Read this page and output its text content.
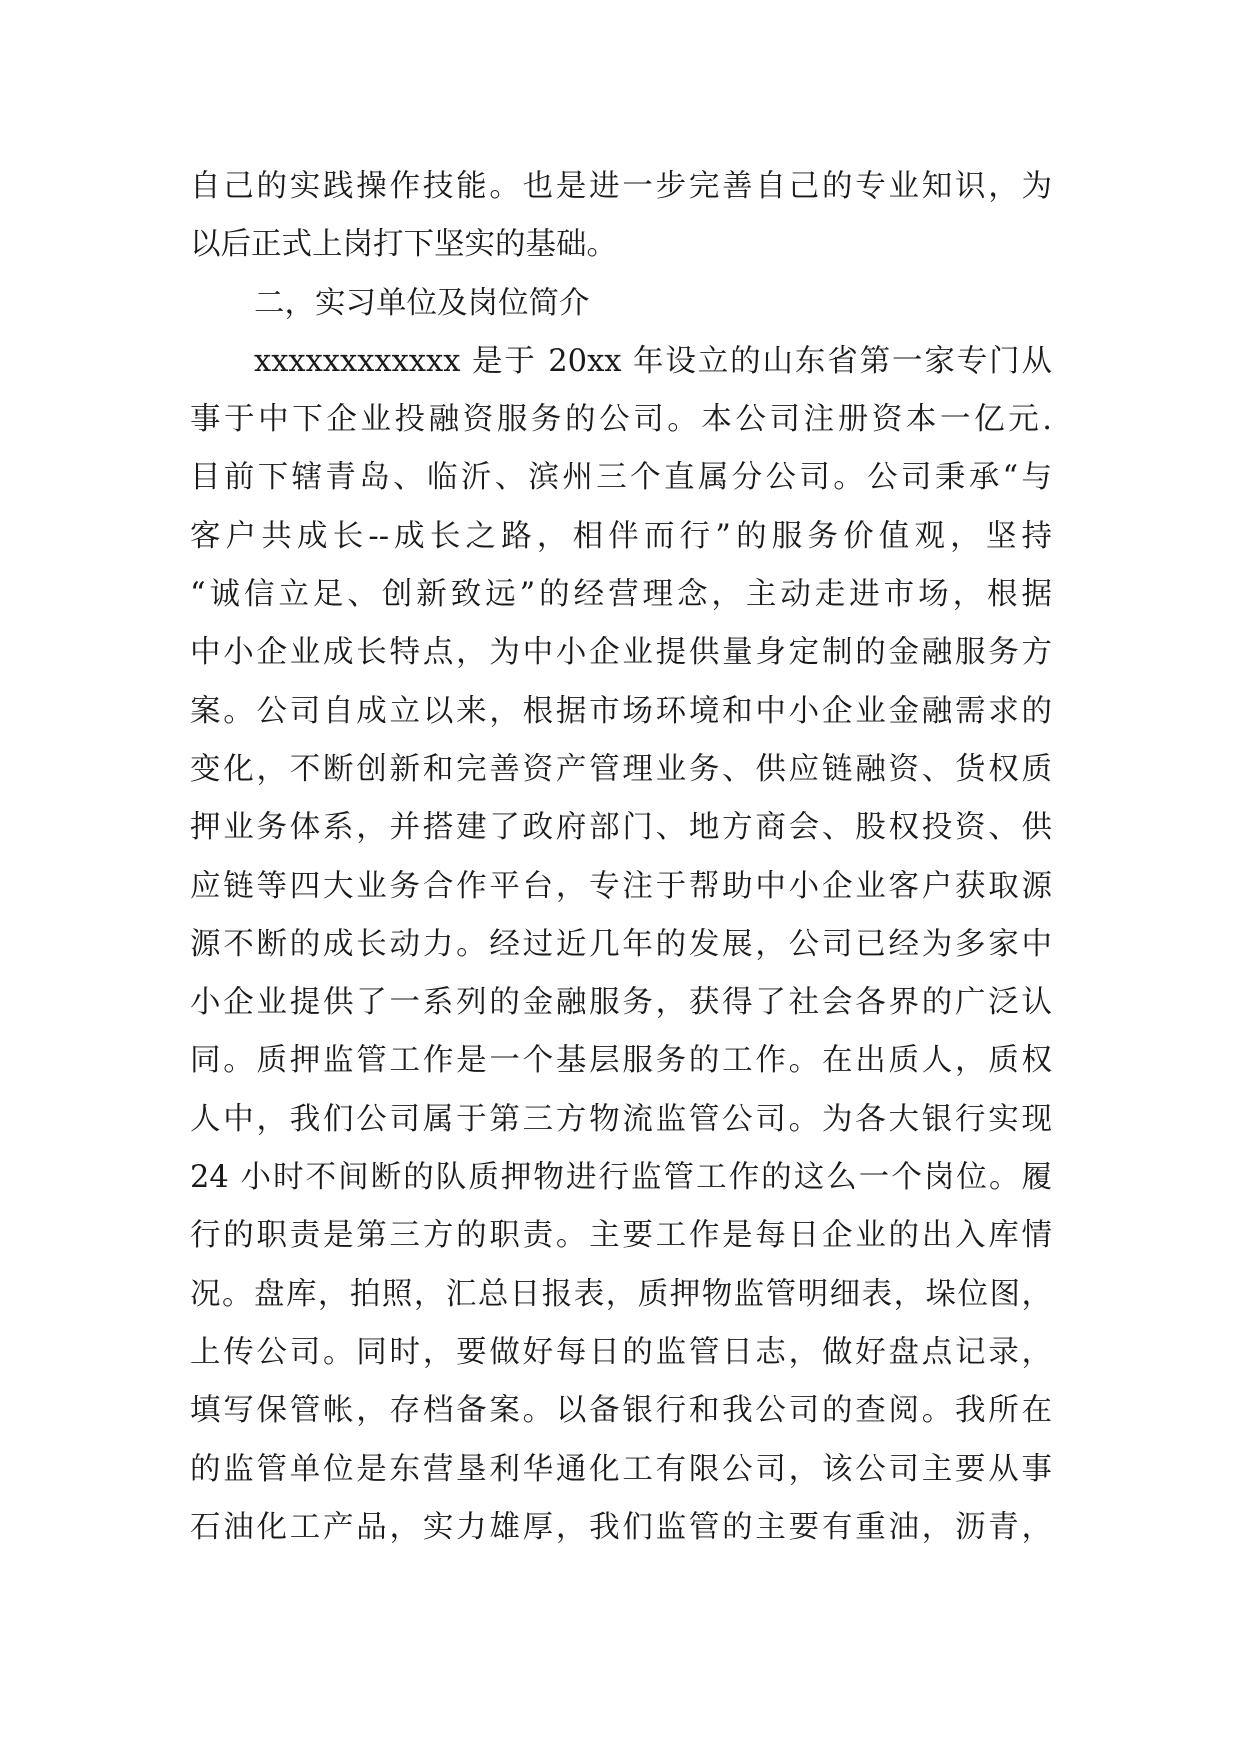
自己的实践操作技能。也是进一步完善自己的专业知识，为
以后正式上岗打下坚实的基础。
二，实习单位及岗位简介
xxxxxxxxxxxx 是于 20xx 年设立的山东省第一家专门从
事于中下企业投融资服务的公司。本公司注册资本一亿元.
目前下辖青岛、临沂、滨州三个直属分公司。公司秉承“与
客户共成长--成长之路，相伴而行”的服务价值观，坚持
“诚信立足、创新致远”的经营理念，主动走进市场，根据
中小企业成长特点，为中小企业提供量身定制的金融服务方
案。公司自成立以来，根据市场环境和中小企业金融需求的
变化，不断创新和完善资产管理业务、供应链融资、货权质
押业务体系，并搭建了政府部门、地方商会、股权投资、供
应链等四大业务合作平台，专注于帮助中小企业客户获取源
源不断的成长动力。经过近几年的发展，公司已经为多家中
小企业提供了一系列的金融服务，获得了社会各界的广泛认
同。质押监管工作是一个基层服务的工作。在出质人，质权
人中，我们公司属于第三方物流监管公司。为各大银行实现
24 小时不间断的队质押物进行监管工作的这么一个岗位。履
行的职责是第三方的职责。主要工作是每日企业的出入库情
况。盘库，拍照，汇总日报表，质押物监管明细表，垛位图，
上传公司。同时，要做好每日的监管日志，做好盘点记录，
填写保管帐，存档备案。以备银行和我公司的查阅。我所在
的监管单位是东营垦利华通化工有限公司，该公司主要从事
石油化工产品，实力雄厚，我们监管的主要有重油，沥青，
